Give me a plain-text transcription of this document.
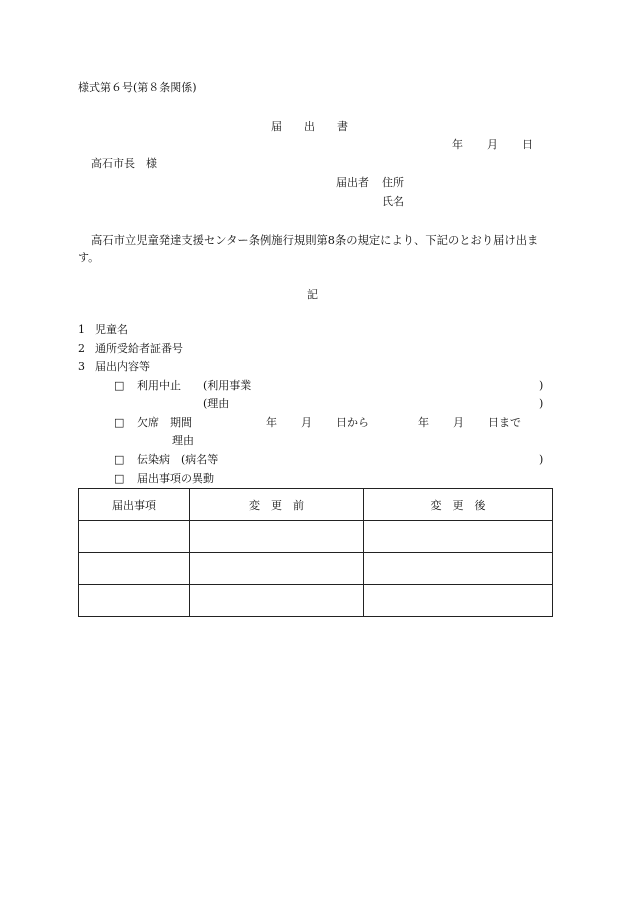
様式第６号(第８条関係)
届　　出　　書
年 月 日
高石市長　様
届出者 住所
氏名
高石市立児童発達支援センター条例施行規則第8条の規定により、下記のとおり届け出ま
す。
記
1 児童名
2 通所受給者証番号
3 届出内容等
□ 利用中止 (利用事業	)
(理由	)
□ 欠席　期間	年 月 日から	年 月 日まで
理由
□ 伝染病　(病名等	)
□ 届出事項の異動
届出事項	変　更　前	変　更　後
